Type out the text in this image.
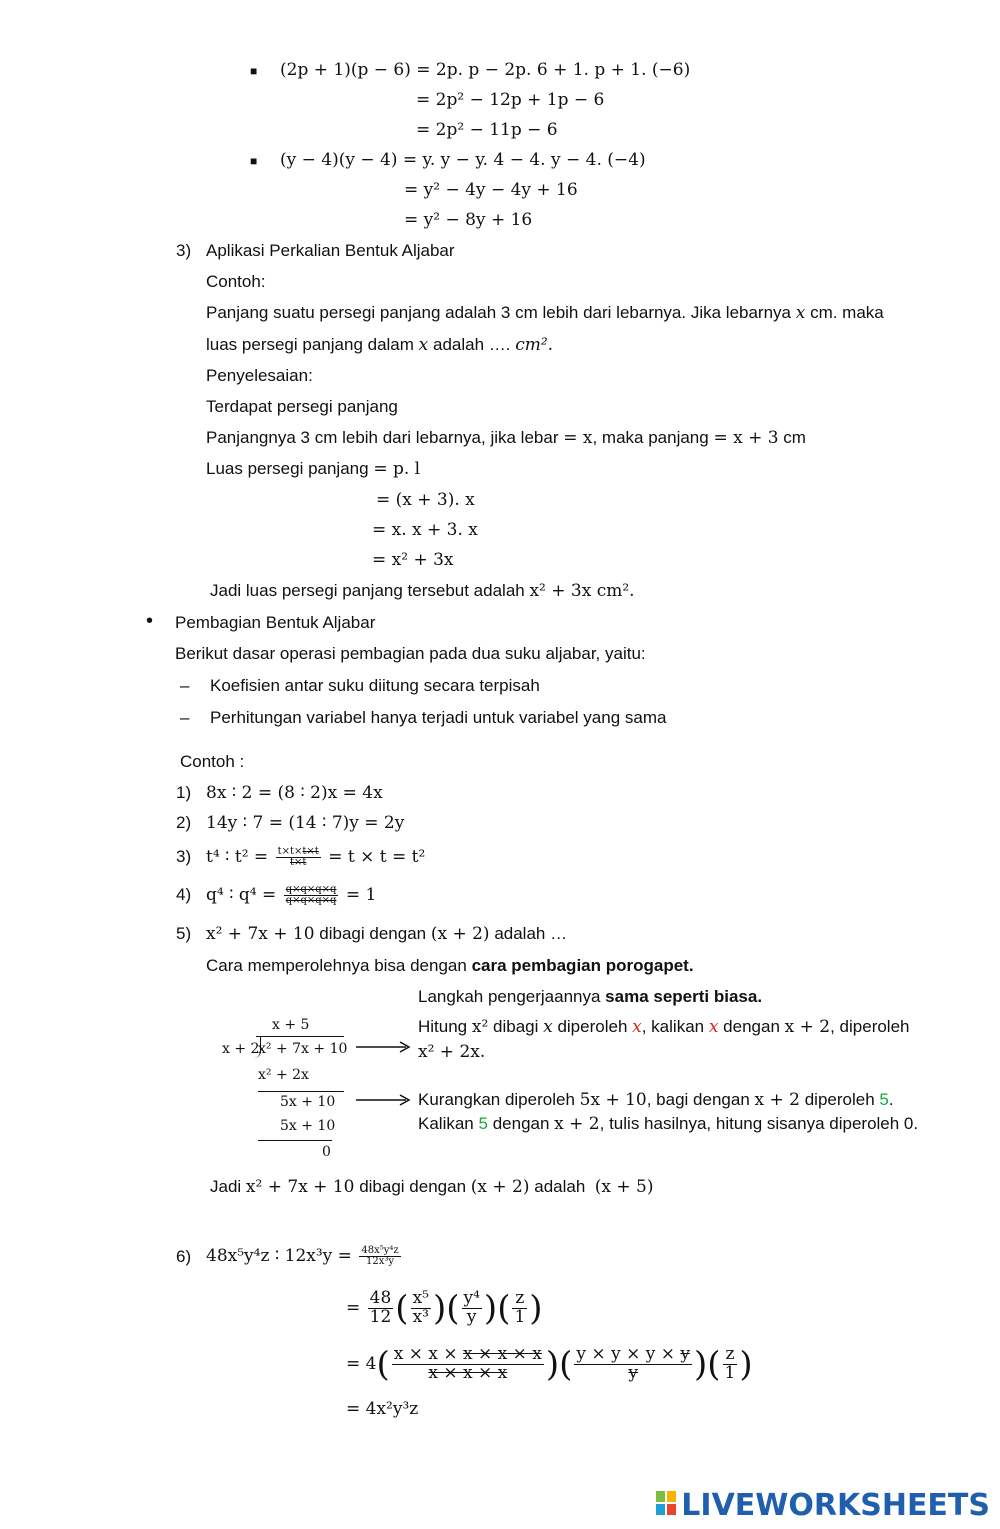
■ (2p + 1)(p − 6) = 2p. p − 2p. 6 + 1. p + 1. (−6)
= 2p² − 12p + 1p − 6
= 2p² − 11p − 6
■ (y − 4)(y − 4) = y. y − y. 4 − 4. y − 4. (−4)
= y² − 4y − 4y + 16
= y² − 8y + 16
3) Aplikasi Perkalian Bentuk Aljabar
Contoh:
Panjang suatu persegi panjang adalah 3 cm lebih dari lebarnya. Jika lebarnya x cm. maka
luas persegi panjang dalam x adalah …. cm².
Penyelesaian:
Terdapat persegi panjang
Panjangnya 3 cm lebih dari lebarnya, jika lebar = x, maka panjang = x + 3 cm
Luas persegi panjang = p. l
= (x + 3). x
= x. x + 3. x
= x² + 3x
Jadi luas persegi panjang tersebut adalah x² + 3x cm².
• Pembagian Bentuk Aljabar
Berikut dasar operasi pembagian pada dua suku aljabar, yaitu:
– Koefisien antar suku diitung secara terpisah
– Perhitungan variabel hanya terjadi untuk variabel yang sama
Contoh :
1) 8x ∶ 2 = (8 ∶ 2)x = 4x
2) 14y ∶ 7 = (14 ∶ 7)y = 2y
3) t⁴ ∶ $t^2 = \frac{t\times t\times t\times t}{t\times t} = t \times t = t^2$
4) q⁴ ∶ $q^4 = \frac{q\times q\times q\times q}{q\times q\times q\times q} = 1$
5) x² + 7x + 10 dibagi dengan (x + 2) adalah …
Cara memperolehnya bisa dengan cara pembagian porogapet.
x + 5
x + 2
x² + 7x + 10
x² + 2x
5x + 10
5x + 10
0
Langkah pengerjaannya sama seperti biasa.
Hitung x² dibagi x diperoleh x, kalikan x dengan x + 2, diperoleh
x² + 2x.
Kurangkan diperoleh 5x + 10, bagi dengan x + 2 diperoleh 5.
Kalikan 5 dengan x + 2, tulis hasilnya, hitung sisanya diperoleh 0.
Jadi x² + 7x + 10 dibagi dengan (x + 2) adalah (x + 5)
6) 48x⁵y⁴z ∶ $12x^3y = \frac{\text{48x⁵y⁴z}}{\text{12x³y}}$
= $\frac{48}{12}$ ( $\frac{\text{x⁵}}{\text{x³}}$ )( $\frac{\text{y⁴}}{y}$ )( $\frac{z}{1}$ )
= $4( \frac{x \times x \times x \times x \times x}{x \times x \times x}$ )( $\frac{y \times y \times y \times y}{y}$ )( $\frac{z}{1}$ )
= 4x²y³z
LIVEWORKSHEETS
